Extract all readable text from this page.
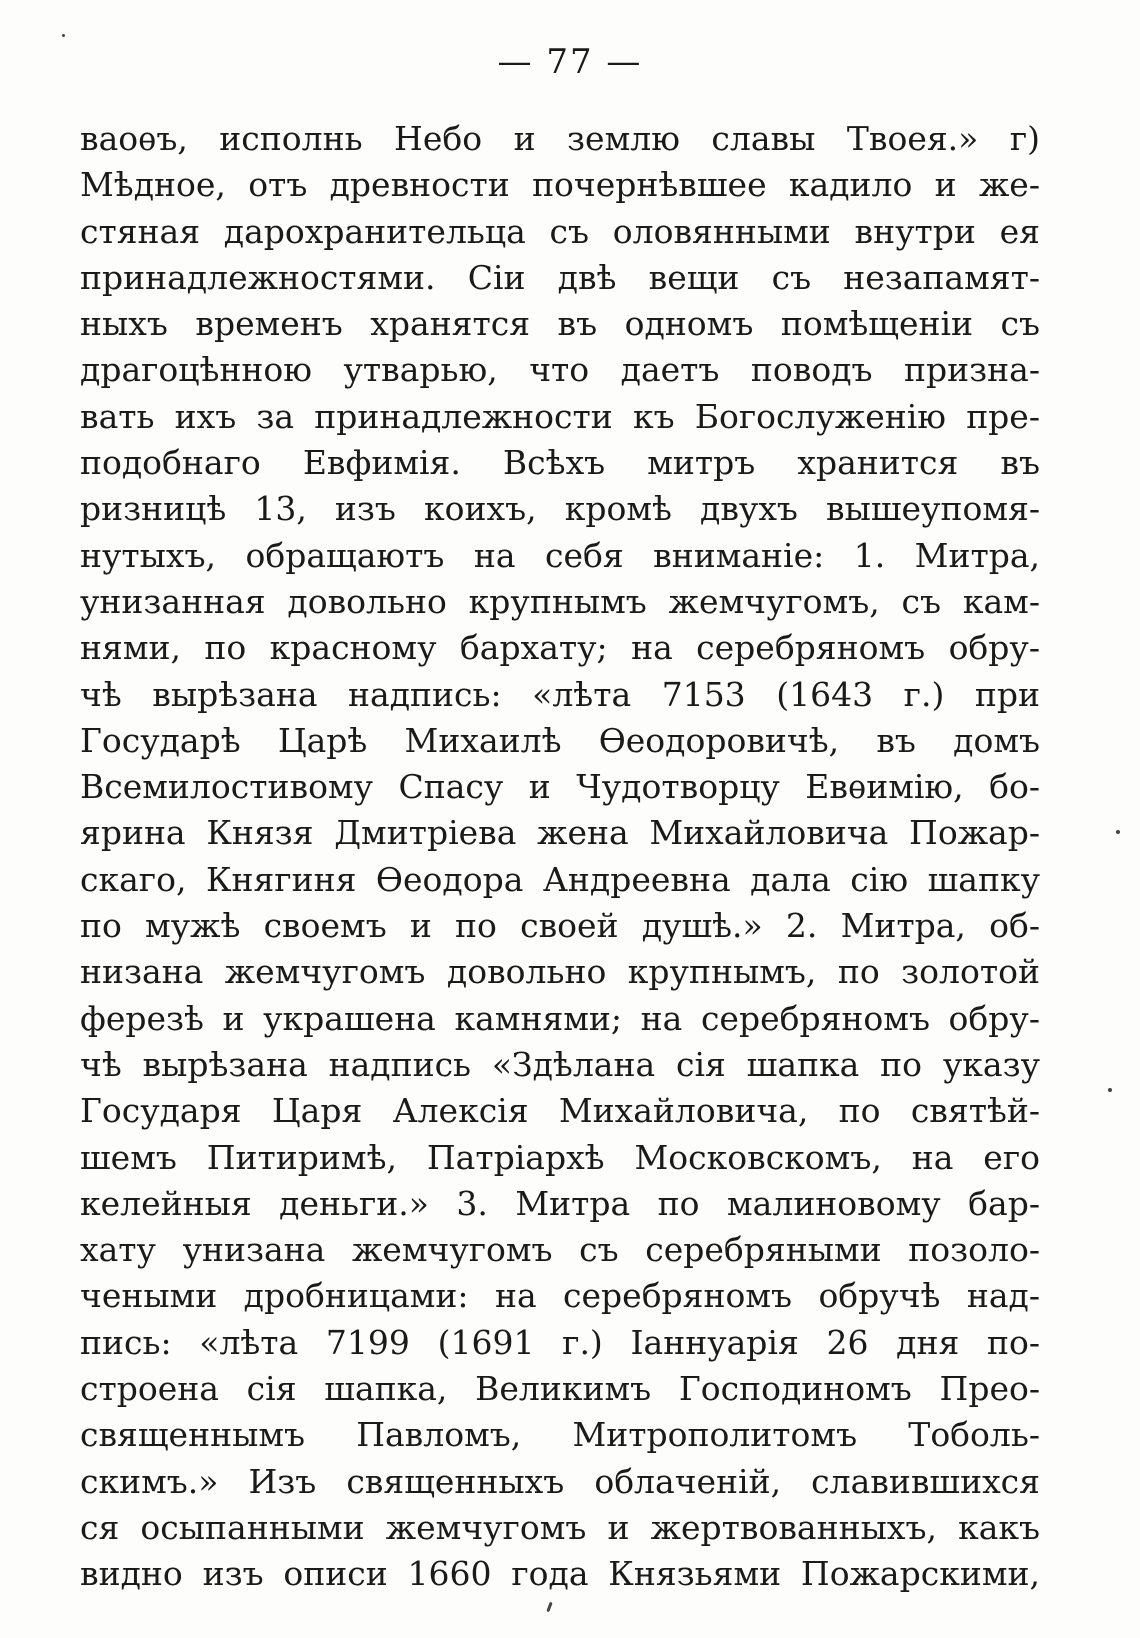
— 77 —
ваоѳъ, исполнь Небо и землю славы Твоея.» г)
Мѣдное, отъ древности почернѣвшее кадило и же-
стяная дарохранительца съ оловянными внутри ея
принадлежностями. Сіи двѣ вещи съ незапамят-
ныхъ временъ хранятся въ одномъ помѣщеніи съ
драгоцѣнною утварью, что даетъ поводъ призна-
вать ихъ за принадлежности къ Богослуженію пре-
подобнаго Евфимія. Всѣхъ митръ хранится въ
ризницѣ 13, изъ коихъ, кромѣ двухъ вышеупомя-
нутыхъ, обращаютъ на себя вниманіе: 1. Митра,
унизанная довольно крупнымъ жемчугомъ, съ кам-
нями, по красному бархату; на серебряномъ обру-
чѣ вырѣзана надпись: «лѣта 7153 (1643 г.) при
Государѣ Царѣ Михаилѣ Ѳеодоровичѣ, въ домъ
Всемилостивому Спасу и Чудотворцу Евѳимію, бо-
ярина Князя Дмитріева жена Михайловича Пожар-
скаго, Княгиня Ѳеодора Андреевна дала сію шапку
по мужѣ своемъ и по своей душѣ.» 2. Митра, об-
низана жемчугомъ довольно крупнымъ, по золотой
ферезѣ и украшена камнями; на серебряномъ обру-
чѣ вырѣзана надпись «Здѣлана сія шапка по указу
Государя Царя Алексія Михайловича, по святѣй-
шемъ Питиримѣ, Патріархѣ Московскомъ, на его
келейныя деньги.» 3. Митра по малиновому бар-
хату унизана жемчугомъ съ серебряными позоло-
чеными дробницами: на серебряномъ обручѣ над-
пись: «лѣта 7199 (1691 г.) Іаннуарія 26 дня по-
строена сія шапка, Великимъ Господиномъ Прео-
священнымъ Павломъ, Митрополитомъ Тоболь-
скимъ.» Изъ священныхъ облаченій, славившихся
ся осыпанными жемчугомъ и жертвованныхъ, какъ
видно изъ описи 1660 года Князьями Пожарскими,
